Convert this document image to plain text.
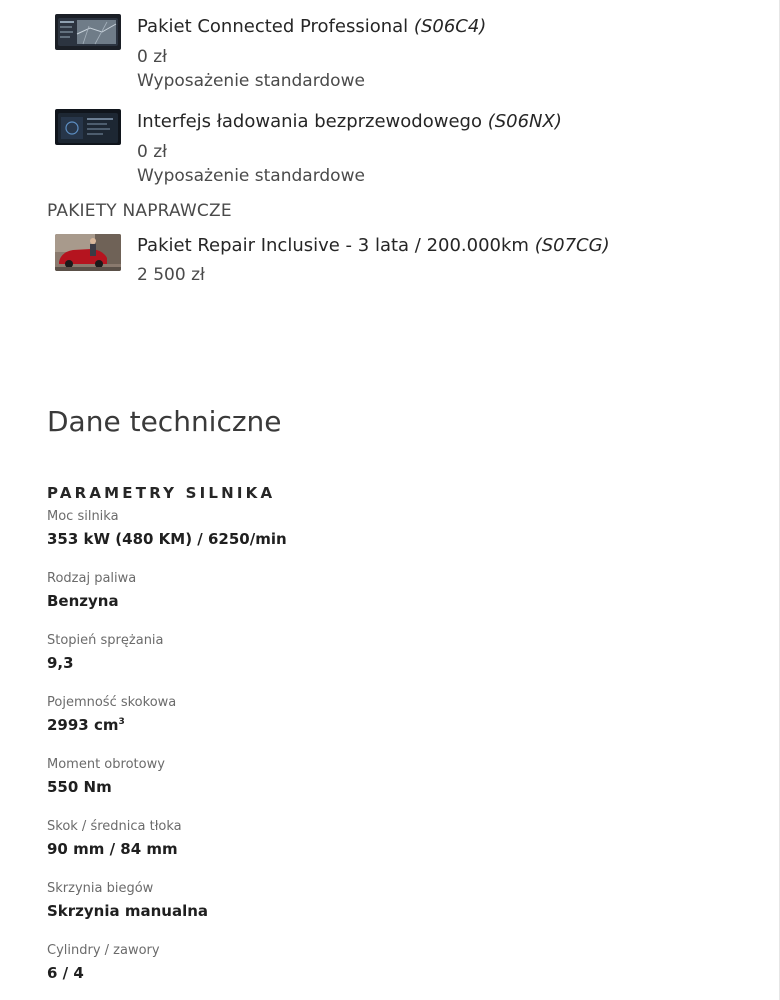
Pakiet Connected Professional (S06C4)
0 zł
Wyposażenie standardowe
Interfejs ładowania bezprzewodowego (S06NX)
0 zł
Wyposażenie standardowe
PAKIETY NAPRAWCZE
Pakiet Repair Inclusive - 3 lata / 200.000km (S07CG)
2 500 zł
Dane techniczne
PARAMETRY SILNIKA
Moc silnika
353 kW (480 KM) / 6250/min
Rodzaj paliwa
Benzyna
Stopień sprężania
9,3
Pojemność skokowa
2993 $cm^3$
Moment obrotowy
550 Nm
Skok / średnica tłoka
90 mm / 84 mm
Skrzynia biegów
Skrzynia manualna
Cylindry / zawory
6 / 4
